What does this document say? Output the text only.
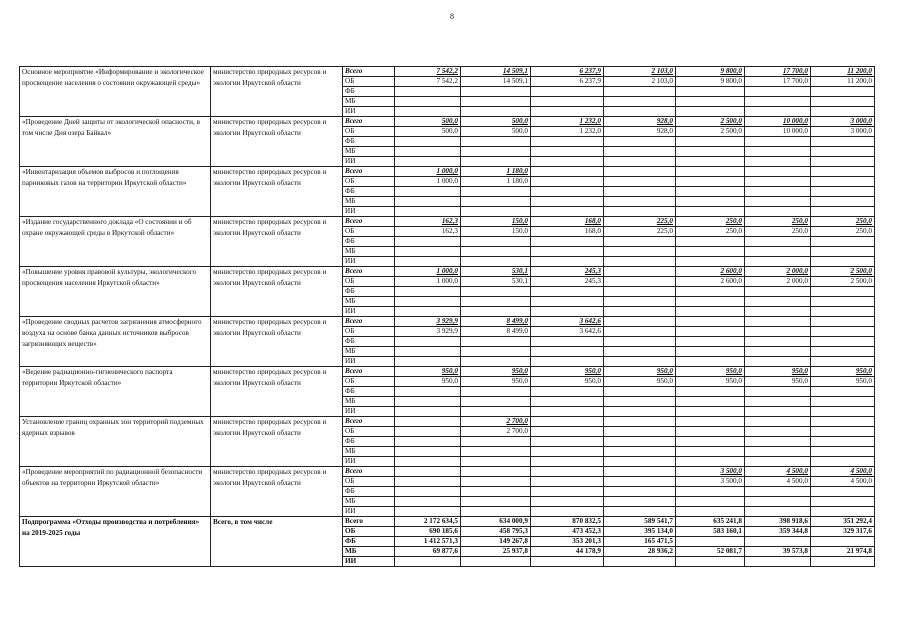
8
Основное мероприятие «Информирование и экологическое просвещение населения о состоянии окружающей среды»	министерство природных ресурсов и экологии Иркутской области	Всего	7 542,2	14 509,1	6 237,9	2 103,0	9 800,0	17 700,0	11 200,0
		ОБ	7 542,2	14 509,1	6 237,9	2 103,0	9 800,0	17 700,0	11 200,0
		ФБ							
		МБ							
		ИИ							
«Проведение Дней защиты от экологической опасности, в том числе Дня озера Байкал»	министерство природных ресурсов и экологии Иркутской области	Всего	500,0	500,0	1 232,0	928,0	2 500,0	10 000,0	3 000,0
		ОБ	500,0	500,0	1 232,0	928,0	2 500,0	10 000,0	3 000,0
		ФБ							
		МБ							
		ИИ							
«Инвентаризация объемов выбросов и поглощения парниковых газов на территории Иркутской области»	министерство природных ресурсов и экологии Иркутской области	Всего	1 000,0	1 180,0					
		ОБ	1 000,0	1 180,0					
		ФБ							
		МБ							
		ИИ							
«Издание государственного доклада «О состоянии и об охране окружающей среды в Иркутской области»	министерство природных ресурсов и экологии Иркутской области	Всего	162,3	150,0	168,0	225,0	250,0	250,0	250,0
		ОБ	162,3	150,0	168,0	225,0	250,0	250,0	250,0
		ФБ							
		МБ							
		ИИ							
«Повышение уровня правовой культуры, экологического просвещения населения Иркутской области»	министерство природных ресурсов и экологии Иркутской области	Всего	1 000,0	530,1	245,3		2 600,0	2 000,0	2 500,0
		ОБ	1 000,0	530,1	245,3		2 600,0	2 000,0	2 500,0
		ФБ							
		МБ							
		ИИ							
«Проведение сводных расчетов загрязнения атмосферного воздуха на основе банка данных источников выбросов загрязняющих веществ»	министерство природных ресурсов и экологии Иркутской области	Всего	3 929,9	8 499,0	3 642,6				
		ОБ	3 929,9	8 499,0	3 642,6				
		ФБ							
		МБ							
		ИИ							
«Ведение радиационно-гигиенического паспорта территории Иркутской области»	министерство природных ресурсов и экологии Иркутской области	Всего	950,0	950,0	950,0	950,0	950,0	950,0	950,0
		ОБ	950,0	950,0	950,0	950,0	950,0	950,0	950,0
		ФБ							
		МБ							
		ИИ							
Установление границ охранных зон территорий подземных ядерных взрывов	министерство природных ресурсов и экологии Иркутской области	Всего		2 700,0					
		ОБ		2 700,0					
		ФБ							
		МБ							
		ИИ							
«Проведение мероприятий по радиационной безопасности объектов на территории Иркутской области»	министерство природных ресурсов и экологии Иркутской области	Всего					3 500,0	4 500,0	4 500,0
		ОБ					3 500,0	4 500,0	4 500,0
		ФБ							
		МБ							
		ИИ							
Подпрограмма «Отходы производства и потребления» на 2019-2025 годы	Всего, в том числе	Всего	2 172 634,5	634 000,9	870 832,5	589 541,7	635 241,8	398 918,6	351 292,4
		ОБ	690 185,6	458 795,3	473 452,3	395 134,0	583 160,1	359 344,8	329 317,6
		ФБ	1 412 571,3	149 267,8	353 201,3	165 471,5			
		МБ	69 877,6	25 937,8	44 178,9	28 936,2	52 081,7	39 573,8	21 974,8
		ИИ							
